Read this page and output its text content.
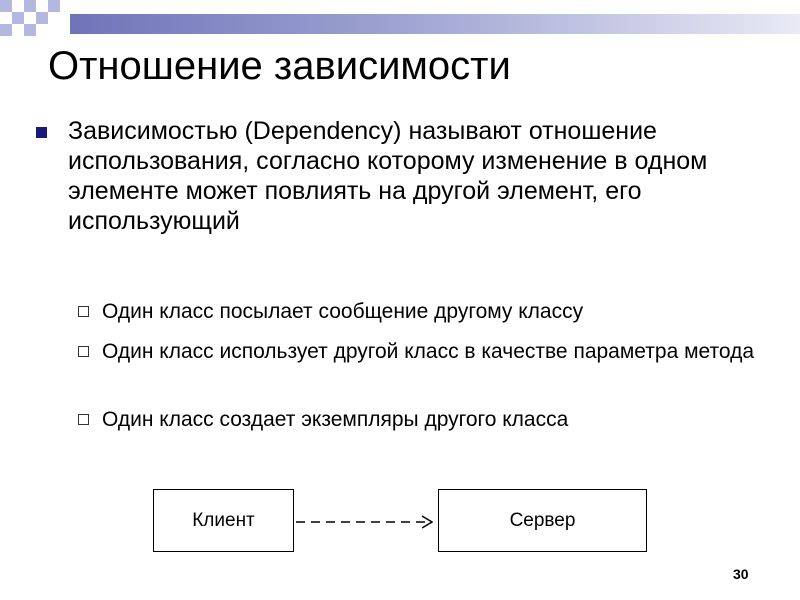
Отношение зависимости
Зависимостью (Dependency) называют отношение использования, согласно которому изменение в одном элементе может повлиять на другой элемент, его использующий
Один класс посылает сообщение другому классу
Один класс использует другой класс в качестве параметра метода
Один класс создает экземпляры другого класса
Клиент	Сервер
30
